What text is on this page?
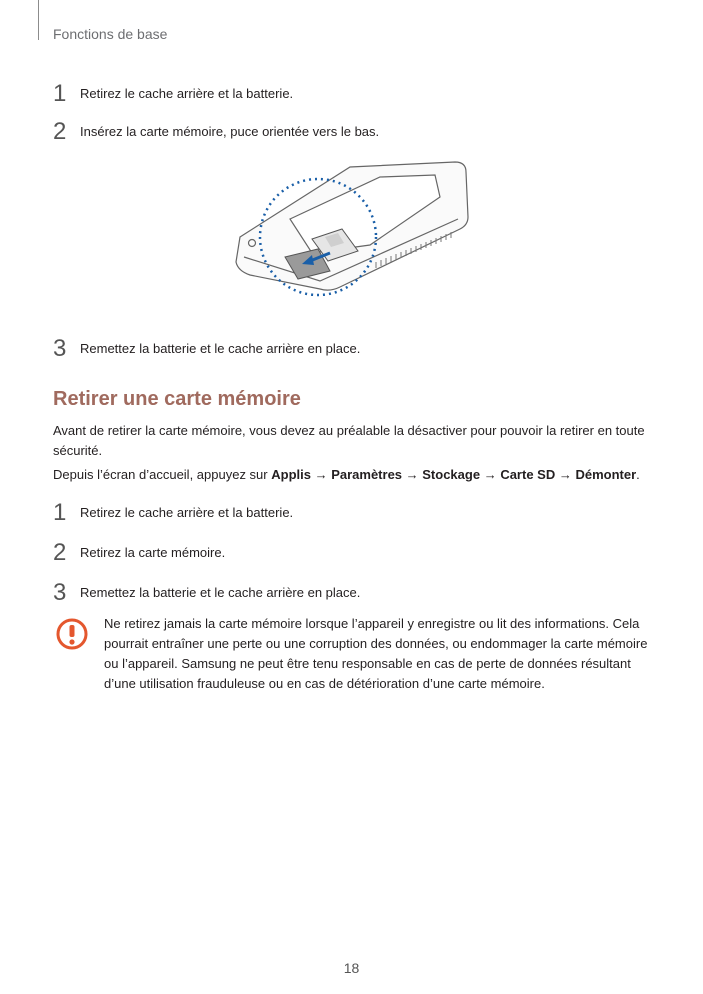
Fonctions de base
1 Retirez le cache arrière et la batterie.
2 Insérez la carte mémoire, puce orientée vers le bas.
3 Remettez la batterie et le cache arrière en place.
Retirer une carte mémoire
Avant de retirer la carte mémoire, vous devez au préalable la désactiver pour pouvoir la retirer en toute sécurité.
Depuis l’écran d’accueil, appuyez sur Applis → Paramètres → Stockage → Carte SD → Démonter.
1 Retirez le cache arrière et la batterie.
2 Retirez la carte mémoire.
3 Remettez la batterie et le cache arrière en place.
Ne retirez jamais la carte mémoire lorsque l’appareil y enregistre ou lit des informations. Cela pourrait entraîner une perte ou une corruption des données, ou endommager la carte mémoire ou l’appareil. Samsung ne peut être tenu responsable en cas de perte de données résultant d’une utilisation frauduleuse ou en cas de détérioration d’une carte mémoire.
18
